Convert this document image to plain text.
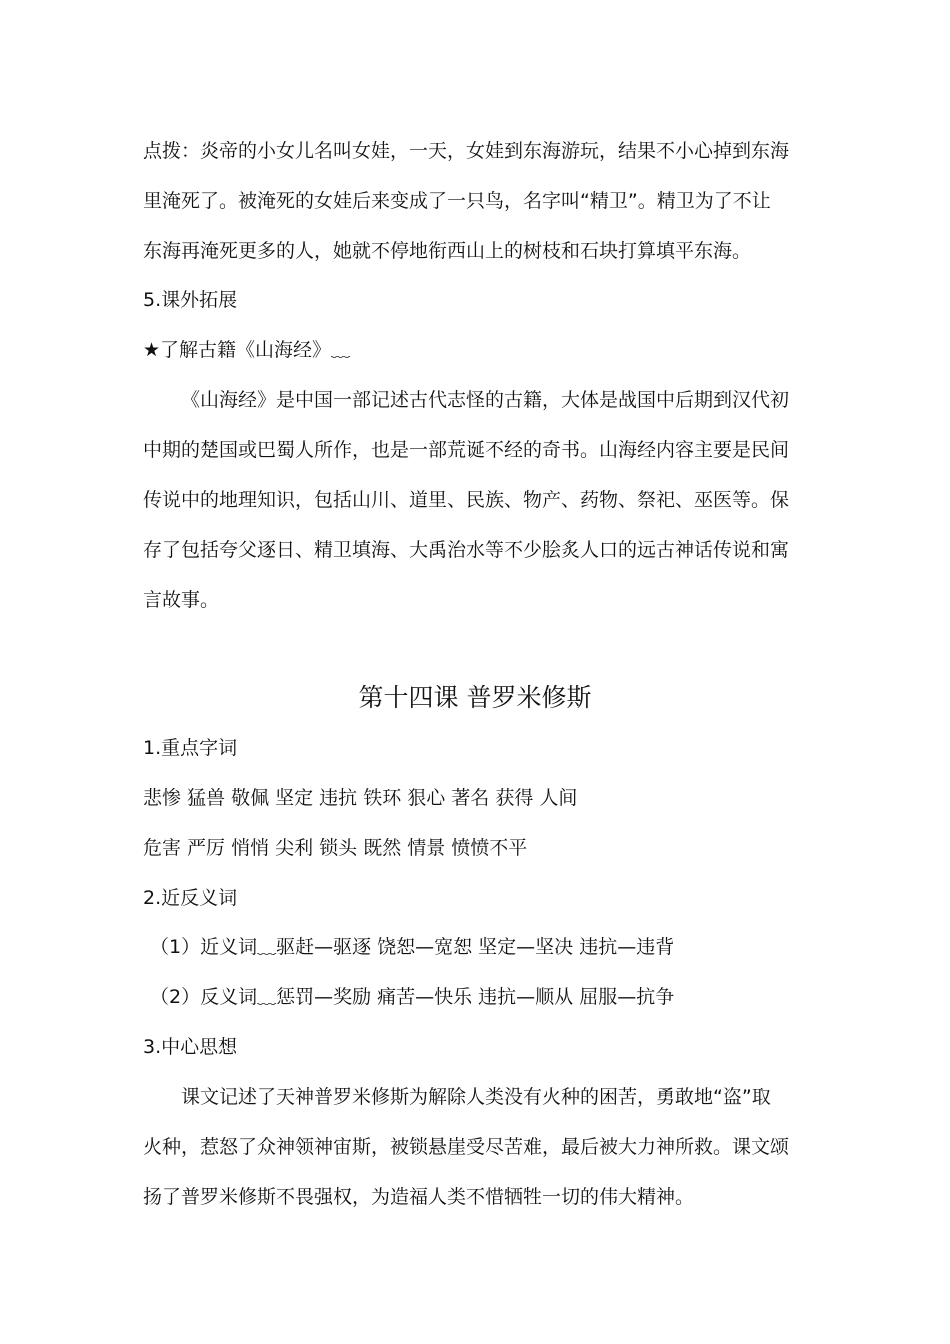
点拨：炎帝的小女儿名叫女娃，一天，女娃到东海游玩，结果不小心掉到东海
里淹死了。被淹死的女娃后来变成了一只鸟，名字叫“精卫”。精卫为了不让
东海再淹死更多的人，她就不停地衔西山上的树枝和石块打算填平东海。
5.课外拓展
★了解古籍《山海经》﹏
《山海经》是中国一部记述古代志怪的古籍，大体是战国中后期到汉代初
中期的楚国或巴蜀人所作，也是一部荒诞不经的奇书。山海经内容主要是民间
传说中的地理知识，包括山川、道里、民族、物产、药物、祭祀、巫医等。保
存了包括夸父逐日、精卫填海、大禹治水等不少脍炙人口的远古神话传说和寓
言故事。
第十四课 普罗米修斯
1.重点字词
悲惨 猛兽 敬佩 坚定 违抗 铁环 狠心 著名 获得 人间
危害 严厉 悄悄 尖利 锁头 既然 情景 愤愤不平
2.近反义词
（1）近义词﹏驱赶—驱逐 饶恕—宽恕 坚定—坚决 违抗—违背
（2）反义词﹏惩罚—奖励 痛苦—快乐 违抗—顺从 屈服—抗争
3.中心思想
课文记述了天神普罗米修斯为解除人类没有火种的困苦，勇敢地“盗”取
火种，惹怒了众神领神宙斯，被锁悬崖受尽苦难，最后被大力神所救。课文颂
扬了普罗米修斯不畏强权，为造福人类不惜牺牲一切的伟大精神。
